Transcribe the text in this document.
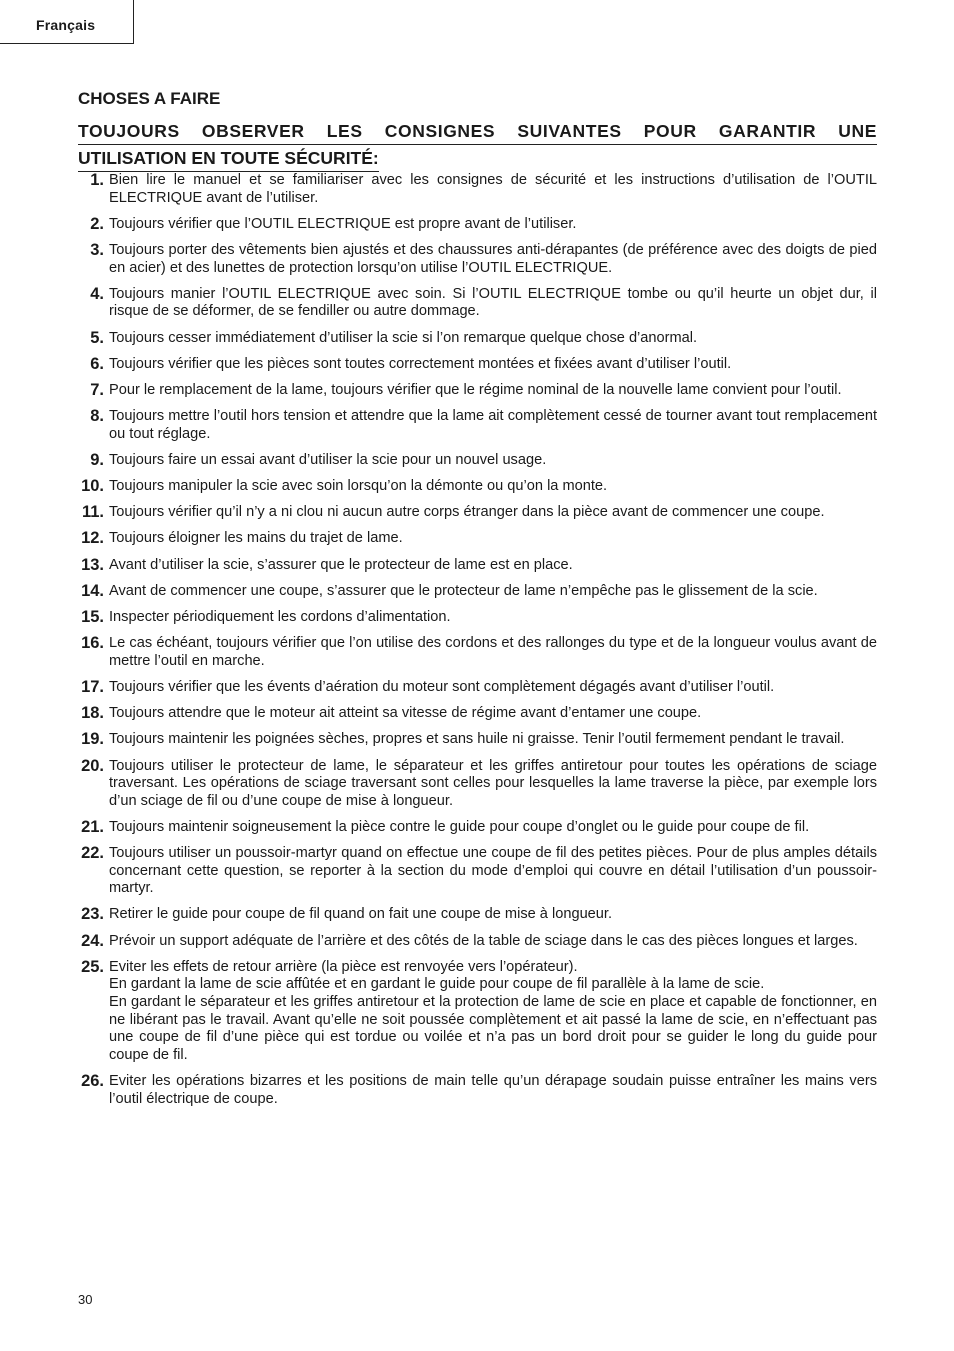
Français
CHOSES A FAIRE
TOUJOURS OBSERVER LES CONSIGNES SUIVANTES POUR GARANTIR UNE
UTILISATION EN TOUTE SÉCURITÉ:
1. Bien lire le manuel et se familiariser avec les consignes de sécurité et les instructions d’utilisation de l’OUTIL ELECTRIQUE avant de l’utiliser.
2. Toujours vérifier que l’OUTIL ELECTRIQUE est propre avant de l’utiliser.
3. Toujours porter des vêtements bien ajustés et des chaussures anti-dérapantes (de préférence avec des doigts de pied en acier) et des lunettes de protection lorsqu’on utilise l’OUTIL ELECTRIQUE.
4. Toujours manier l’OUTIL ELECTRIQUE avec soin. Si l’OUTIL ELECTRIQUE tombe ou qu’il heurte un objet dur, il risque de se déformer, de se fendiller ou autre dommage.
5. Toujours cesser immédiatement d’utiliser la scie si l’on remarque quelque chose d’anormal.
6. Toujours vérifier que les pièces sont toutes correctement montées et fixées avant d’utiliser l’outil.
7. Pour le remplacement de la lame, toujours vérifier que le régime nominal de la nouvelle lame convient pour l’outil.
8. Toujours mettre l’outil hors tension et attendre que la lame ait complètement cessé de tourner avant tout remplacement ou tout réglage.
9. Toujours faire un essai avant d’utiliser la scie pour un nouvel usage.
10. Toujours manipuler la scie avec soin lorsqu’on la démonte ou qu’on la monte.
11. Toujours vérifier qu’il n’y a ni clou ni aucun autre corps étranger dans la pièce avant de commencer une coupe.
12. Toujours éloigner les mains du trajet de lame.
13. Avant d’utiliser la scie, s’assurer que le protecteur de lame est en place.
14. Avant de commencer une coupe, s’assurer que le protecteur de lame n’empêche pas le glissement de la scie.
15. Inspecter périodiquement les cordons d’alimentation.
16. Le cas échéant, toujours vérifier que l’on utilise des cordons et des rallonges du type et de la longueur voulus avant de mettre l’outil en marche.
17. Toujours vérifier que les évents d’aération du moteur sont complètement dégagés avant d’utiliser l’outil.
18. Toujours attendre que le moteur ait atteint sa vitesse de régime avant d’entamer une coupe.
19. Toujours maintenir les poignées sèches, propres et sans huile ni graisse. Tenir l’outil fermement pendant le travail.
20. Toujours utiliser le protecteur de lame, le séparateur et les griffes antiretour pour toutes les opérations de sciage traversant. Les opérations de sciage traversant sont celles pour lesquelles la lame traverse la pièce, par exemple lors d’un sciage de fil ou d’une coupe de mise à longueur.
21. Toujours maintenir soigneusement la pièce contre le guide pour coupe d’onglet ou le guide pour coupe de fil.
22. Toujours utiliser un poussoir-martyr quand on effectue une coupe de fil des petites pièces. Pour de plus amples détails concernant cette question, se reporter à la section du mode d’emploi qui couvre en détail l’utilisation d’un poussoir-martyr.
23. Retirer le guide pour coupe de fil quand on fait une coupe de mise à longueur.
24. Prévoir un support adéquate de l’arrière et des côtés de la table de sciage dans le cas des pièces longues et larges.
25. Eviter les effets de retour arrière (la pièce est renvoyée vers l’opérateur).
En gardant la lame de scie affûtée et en gardant le guide pour coupe de fil parallèle à la lame de scie.
En gardant le séparateur et les griffes antiretour et la protection de lame de scie en place et capable de fonctionner, en ne libérant pas le travail. Avant qu’elle ne soit poussée complètement et ait passé la lame de scie, en n’effectuant pas une coupe de fil d’une pièce qui est tordue ou voilée et n’a pas un bord droit pour se guider le long du guide pour coupe de fil.
26. Eviter les opérations bizarres et les positions de main telle qu’un dérapage soudain puisse entraîner les mains vers l’outil électrique de coupe.
30
